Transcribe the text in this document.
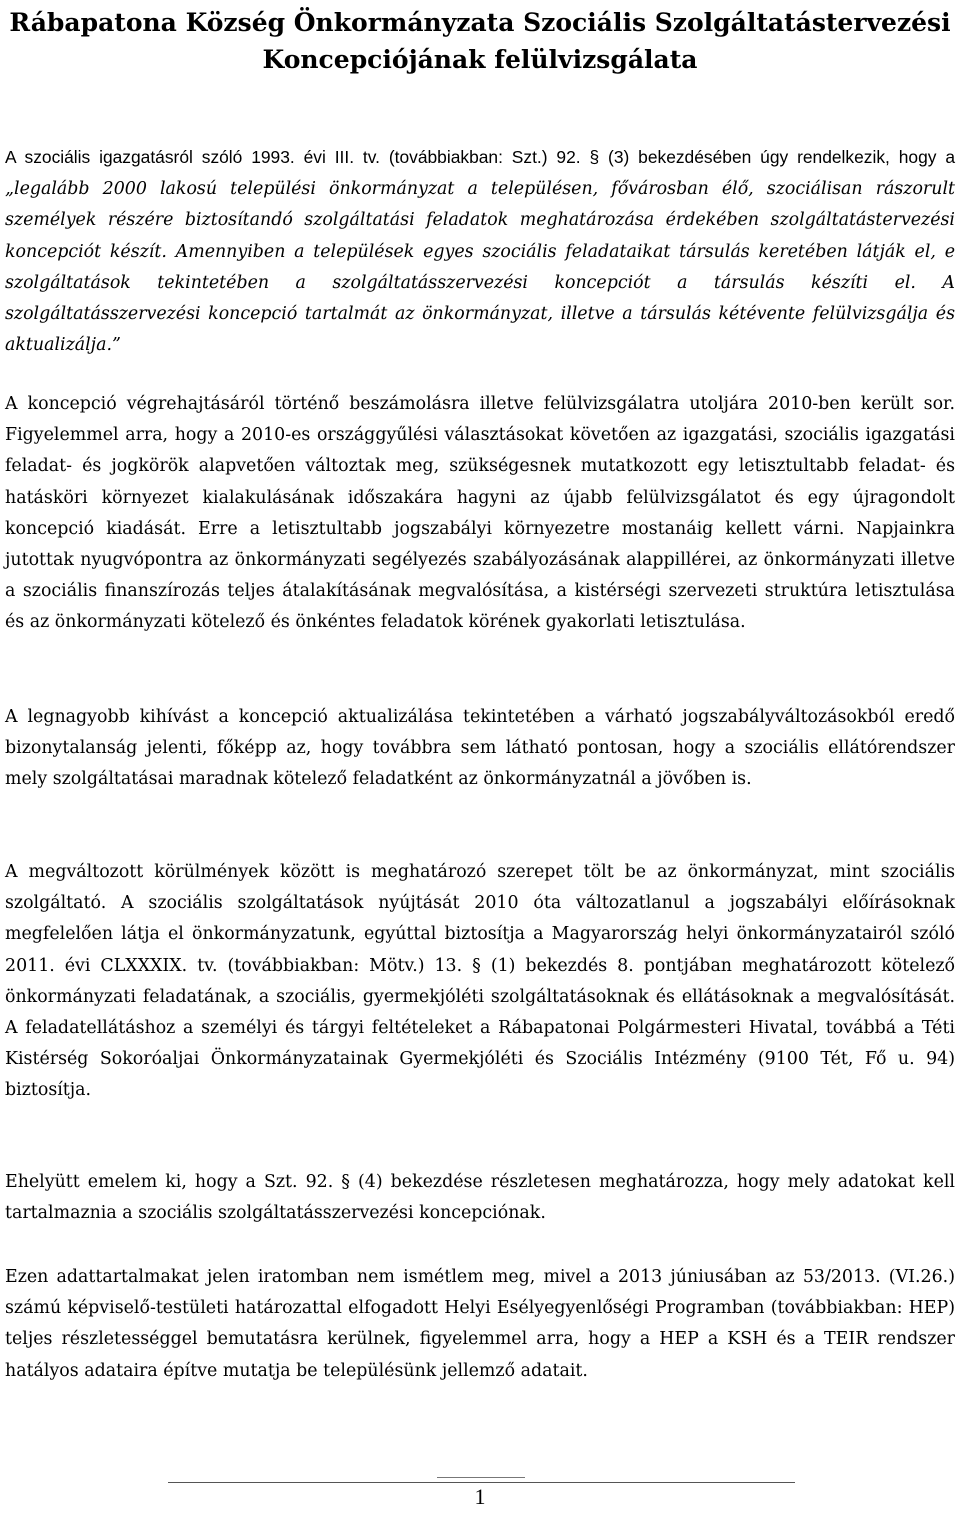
Rábapatona Község Önkormányzata Szociális Szolgáltatástervezési
Koncepciójának felülvizsgálata
A szociális igazgatásról szóló 1993. évi III. tv. (továbbiakban: Szt.) 92. § (3) bekezdésében úgy rendelkezik, hogy a „legalább 2000 lakosú települési önkormányzat a településen, fővárosban élő, szociálisan rászorult személyek részére biztosítandó szolgáltatási feladatok meghatározása érdekében szolgáltatástervezési koncepciót készít. Amennyiben a települések egyes szociális feladataikat társulás keretében látják el, e szolgáltatások tekintetében a szolgáltatásszervezési koncepciót a társulás készíti el. A szolgáltatásszervezési koncepció tartalmát az önkormányzat, illetve a társulás kétévente felülvizsgálja és aktualizálja.”
A koncepció végrehajtásáról történő beszámolásra illetve felülvizsgálatra utoljára 2010-ben került sor. Figyelemmel arra, hogy a 2010-es országgyűlési választásokat követően az igazgatási, szociális igazgatási feladat- és jogkörök alapvetően változtak meg, szükségesnek mutatkozott egy letisztultabb feladat- és hatásköri környezet kialakulásának időszakára hagyni az újabb felülvizsgálatot és egy újragondolt koncepció kiadását. Erre a letisztultabb jogszabályi környezetre mostanáig kellett várni. Napjainkra jutottak nyugvópontra az önkormányzati segélyezés szabályozásának alappillérei, az önkormányzati illetve a szociális finanszírozás teljes átalakításának megvalósítása, a kistérségi szervezeti struktúra letisztulása és az önkormányzati kötelező és önkéntes feladatok körének gyakorlati letisztulása.
A legnagyobb kihívást a koncepció aktualizálása tekintetében a várható jogszabályváltozásokból eredő bizonytalanság jelenti, főképp az, hogy továbbra sem látható pontosan, hogy a szociális ellátórendszer mely szolgáltatásai maradnak kötelező feladatként az önkormányzatnál a jövőben is.
A megváltozott körülmények között is meghatározó szerepet tölt be az önkormányzat, mint szociális szolgáltató. A szociális szolgáltatások nyújtását 2010 óta változatlanul a jogszabályi előírásoknak megfelelően látja el önkormányzatunk, egyúttal biztosítja a Magyarország helyi önkormányzatairól szóló 2011. évi CLXXXIX. tv. (továbbiakban: Mötv.) 13. § (1) bekezdés 8. pontjában meghatározott kötelező önkormányzati feladatának, a szociális, gyermekjóléti szolgáltatásoknak és ellátásoknak a megvalósítását. A feladatellátáshoz a személyi és tárgyi feltételeket a Rábapatonai Polgármesteri Hivatal, továbbá a Téti Kistérség Sokoróaljai Önkormányzatainak Gyermekjóléti és Szociális Intézmény (9100 Tét, Fő u. 94) biztosítja.
Ehelyütt emelem ki, hogy a Szt. 92. § (4) bekezdése részletesen meghatározza, hogy mely adatokat kell tartalmaznia a szociális szolgáltatásszervezési koncepciónak.
Ezen adattartalmakat jelen iratomban nem ismétlem meg, mivel a 2013 júniusában az 53/2013. (VI.26.) számú képviselő-testületi határozattal elfogadott Helyi Esélyegyenlőségi Programban (továbbiakban: HEP) teljes részletességgel bemutatásra kerülnek, figyelemmel arra, hogy a HEP a KSH és a TEIR rendszer hatályos adataira építve mutatja be településünk jellemző adatait.
1
